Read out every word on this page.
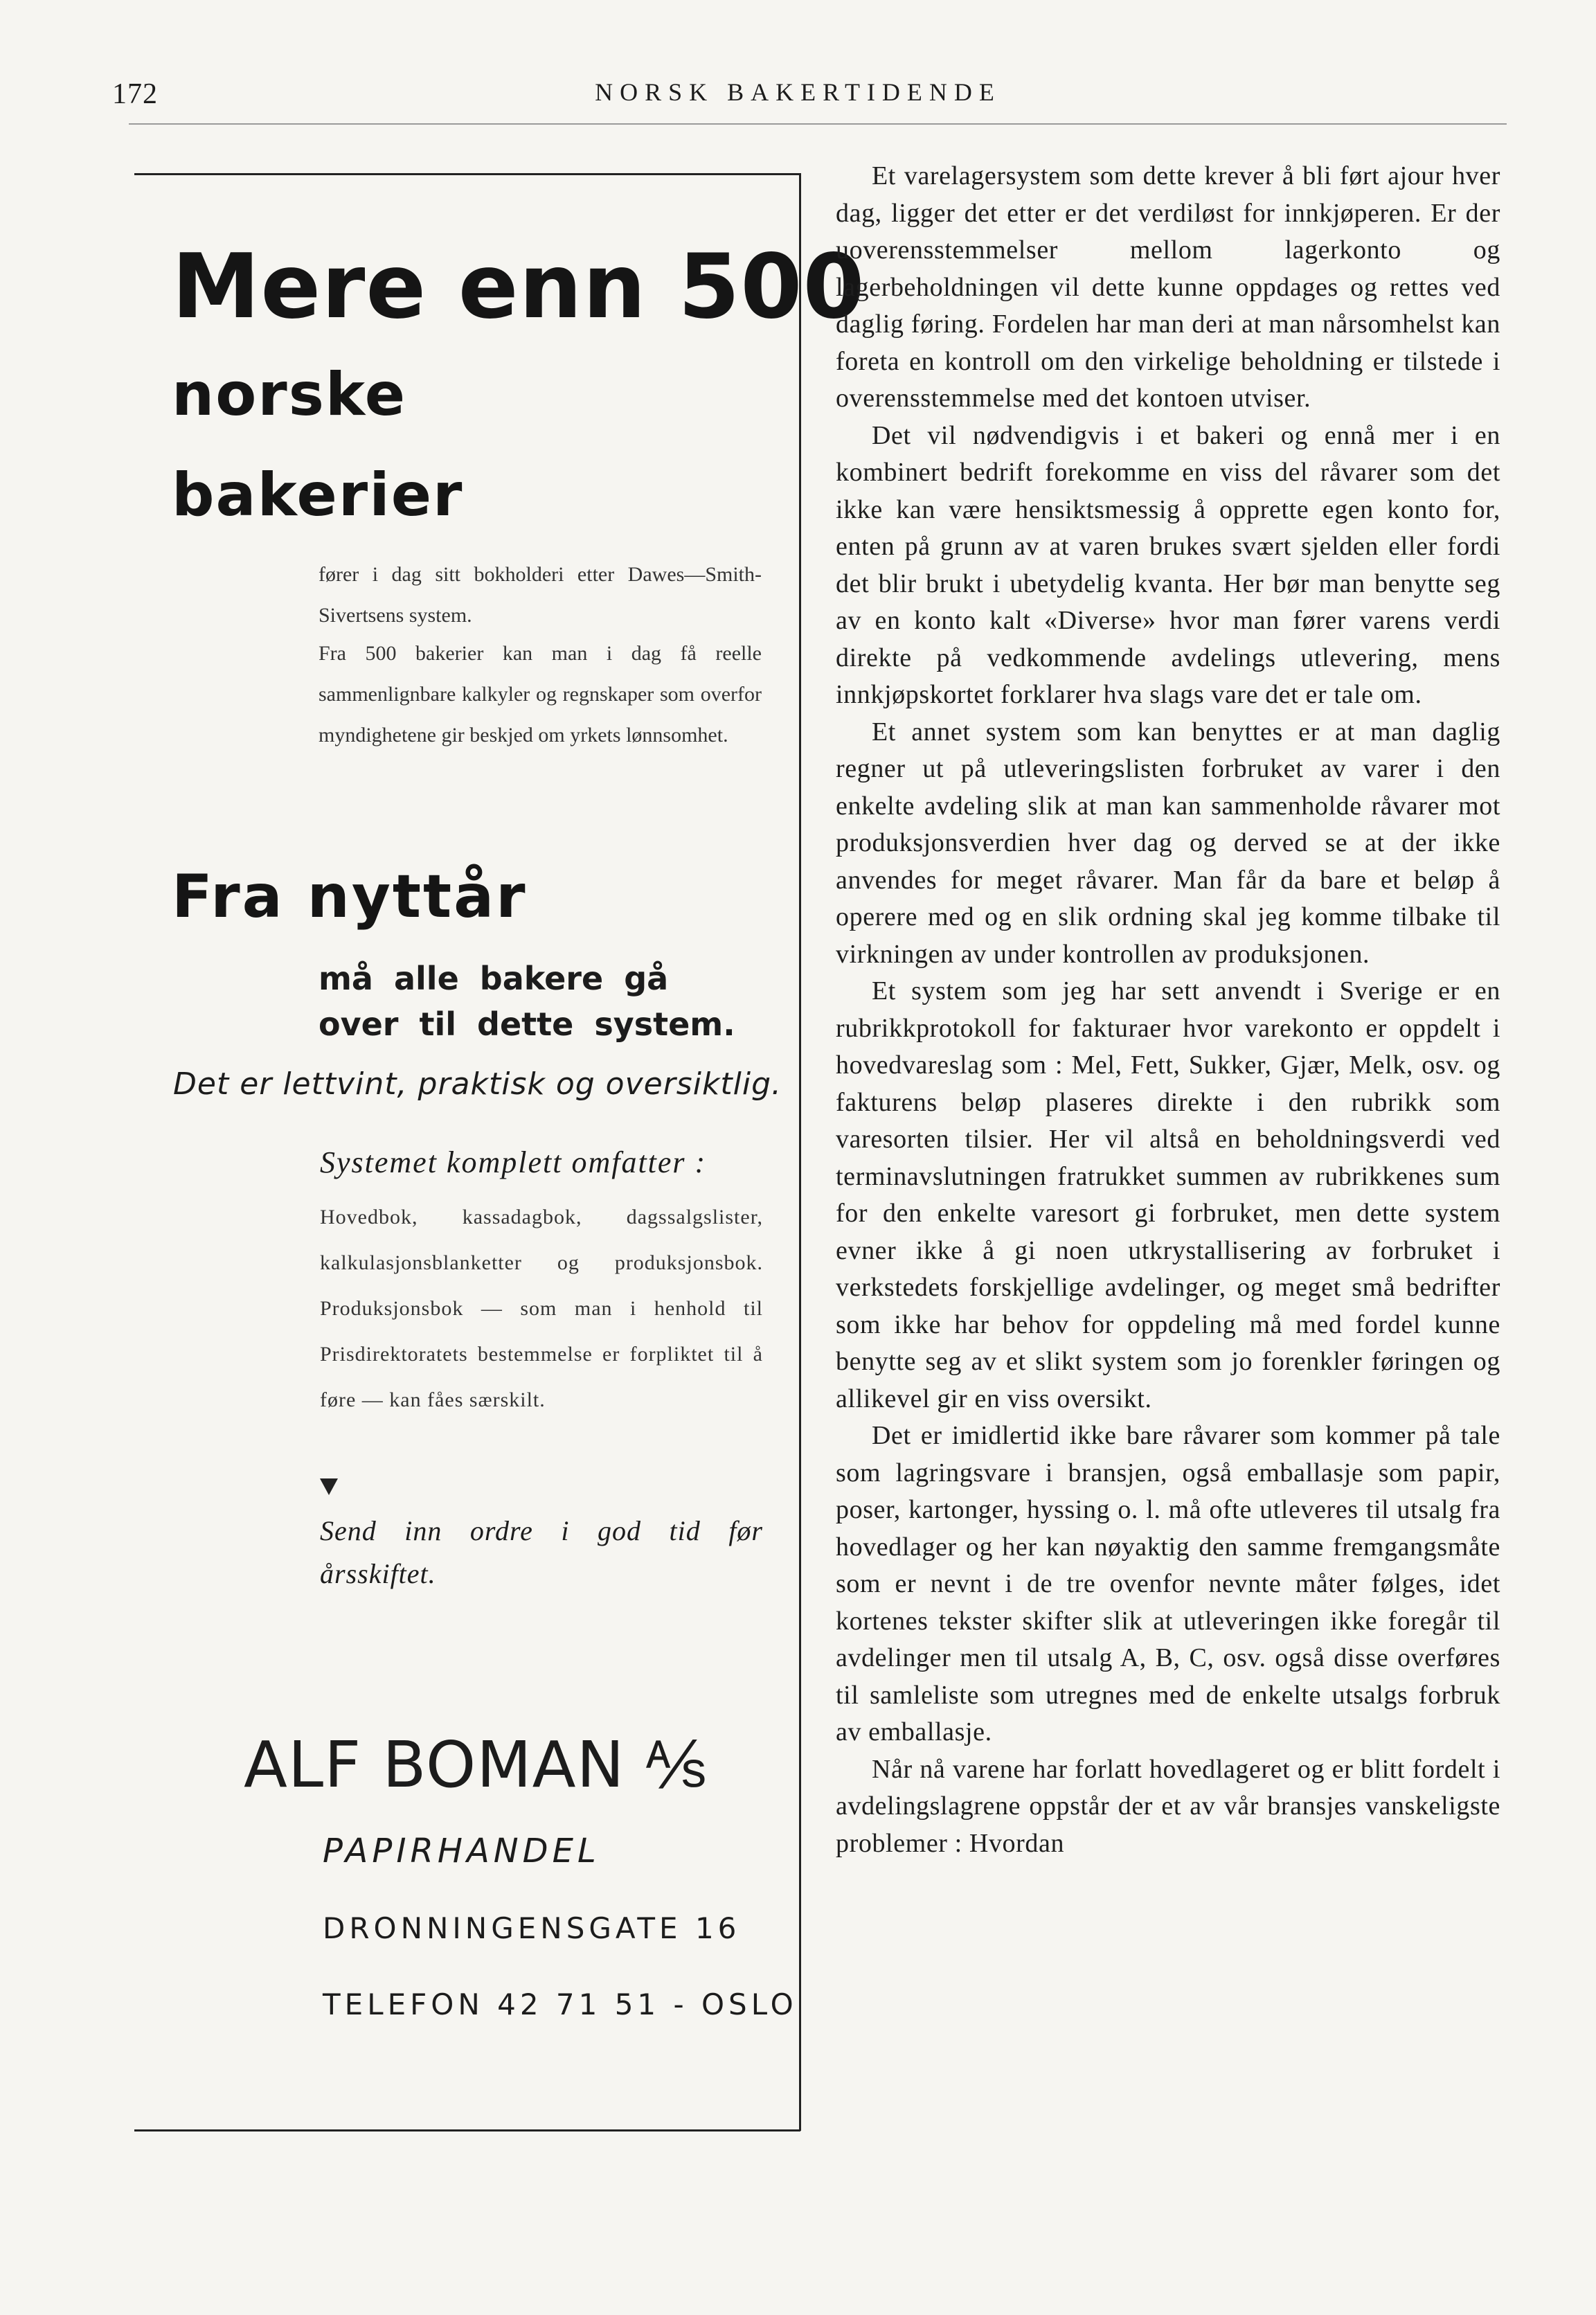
172	NORSK BAKERTIDENDE
Mere enn 500
norske
bakerier
fører i dag sitt bokholderi etter Dawes—Smith-Sivertsens system.
Fra 500 bakerier kan man i dag få reelle sammenlignbare kalkyler og regnskaper som overfor myndighetene gir beskjed om yrkets lønnsomhet.
Fra nyttår
må alle bakere gå over til dette system.
Det er lettvint, praktisk og oversiktlig.
Systemet komplett omfatter :
Hovedbok, kassadagbok, dagssalgslister, kalkulasjonsblanketter og produksjonsbok. Produksjonsbok — som man i henhold til Prisdirektoratets bestemmelse er forpliktet til å føre — kan fåes særskilt.
Send inn ordre i god tid før årsskiftet.
ALF BOMAN ⅍
PAPIRHANDEL
DRONNINGENSGATE 16
TELEFON 42 71 51 - OSLO

Et varelagersystem som dette krever å bli ført ajour hver dag, ligger det etter er det verdiløst for innkjøperen. Er der uoverensstemmelser mellom lagerkonto og lagerbeholdningen vil dette kunne oppdages og rettes ved daglig føring. Fordelen har man deri at man nårsomhelst kan foreta en kontroll om den virkelige beholdning er tilstede i overensstemmelse med det kontoen utviser.

Det vil nødvendigvis i et bakeri og ennå mer i en kombinert bedrift forekomme en viss del råvarer som det ikke kan være hensiktsmessig å opprette egen konto for, enten på grunn av at varen brukes svært sjelden eller fordi det blir brukt i ubetydelig kvanta. Her bør man benytte seg av en konto kalt «Diverse» hvor man fører varens verdi direkte på vedkommende avdelings utlevering, mens innkjøpskortet forklarer hva slags vare det er tale om.

Et annet system som kan benyttes er at man daglig regner ut på utleveringslisten forbruket av varer i den enkelte avdeling slik at man kan sammenholde råvarer mot produksjonsverdien hver dag og derved se at der ikke anvendes for meget råvarer. Man får da bare et beløp å operere med og en slik ordning skal jeg komme tilbake til virkningen av under kontrollen av produksjonen.

Et system som jeg har sett anvendt i Sverige er en rubrikkprotokoll for fakturaer hvor varekonto er oppdelt i hovedvareslag som : Mel, Fett, Sukker, Gjær, Melk, osv. og fakturens beløp plaseres direkte i den rubrikk som varesorten tilsier. Her vil altså en beholdningsverdi ved terminavslutningen fratrukket summen av rubrikkenes sum for den enkelte varesort gi forbruket, men dette system evner ikke å gi noen utkrystallisering av forbruket i verkstedets forskjellige avdelinger, og meget små bedrifter som ikke har behov for oppdeling må med fordel kunne benytte seg av et slikt system som jo forenkler føringen og allikevel gir en viss oversikt.

Det er imidlertid ikke bare råvarer som kommer på tale som lagringsvare i bransjen, også emballasje som papir, poser, kartonger, hyssing o. l. må ofte utleveres til utsalg fra hovedlager og her kan nøyaktig den samme fremgangsmåte som er nevnt i de tre ovenfor nevnte måter følges, idet kortenes tekster skifter slik at utleveringen ikke foregår til avdelinger men til utsalg A, B, C, osv. også disse overføres til samleliste som utregnes med de enkelte utsalgs forbruk av emballasje.

Når nå varene har forlatt hovedlageret og er blitt fordelt i avdelingslagrene oppstår der et av vår bransjes vanskeligste problemer : Hvordan
